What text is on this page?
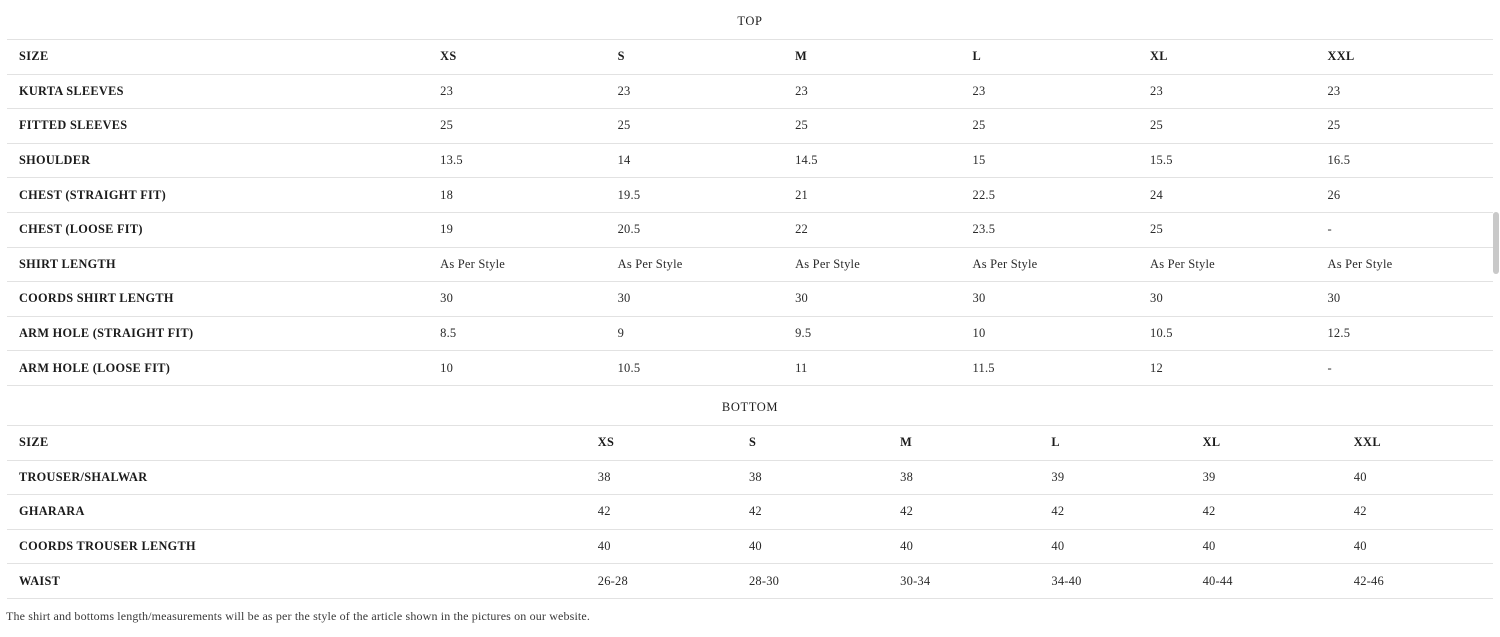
TOP
SIZE	XS	S	M	L	XL	XXL
KURTA SLEEVES	23	23	23	23	23	23
FITTED SLEEVES	25	25	25	25	25	25
SHOULDER	13.5	14	14.5	15	15.5	16.5
CHEST (STRAIGHT FIT)	18	19.5	21	22.5	24	26
CHEST (LOOSE FIT)	19	20.5	22	23.5	25	-
SHIRT LENGTH	As Per Style	As Per Style	As Per Style	As Per Style	As Per Style	As Per Style
COORDS SHIRT LENGTH	30	30	30	30	30	30
ARM HOLE (STRAIGHT FIT)	8.5	9	9.5	10	10.5	12.5
ARM HOLE (LOOSE FIT)	10	10.5	11	11.5	12	-
BOTTOM
SIZE	XS	S	M	L	XL	XXL
TROUSER/SHALWAR	38	38	38	39	39	40
GHARARA	42	42	42	42	42	42
COORDS TROUSER LENGTH	40	40	40	40	40	40
WAIST	26-28	28-30	30-34	34-40	40-44	42-46
The shirt and bottoms length/measurements will be as per the style of the article shown in the pictures on our website.
